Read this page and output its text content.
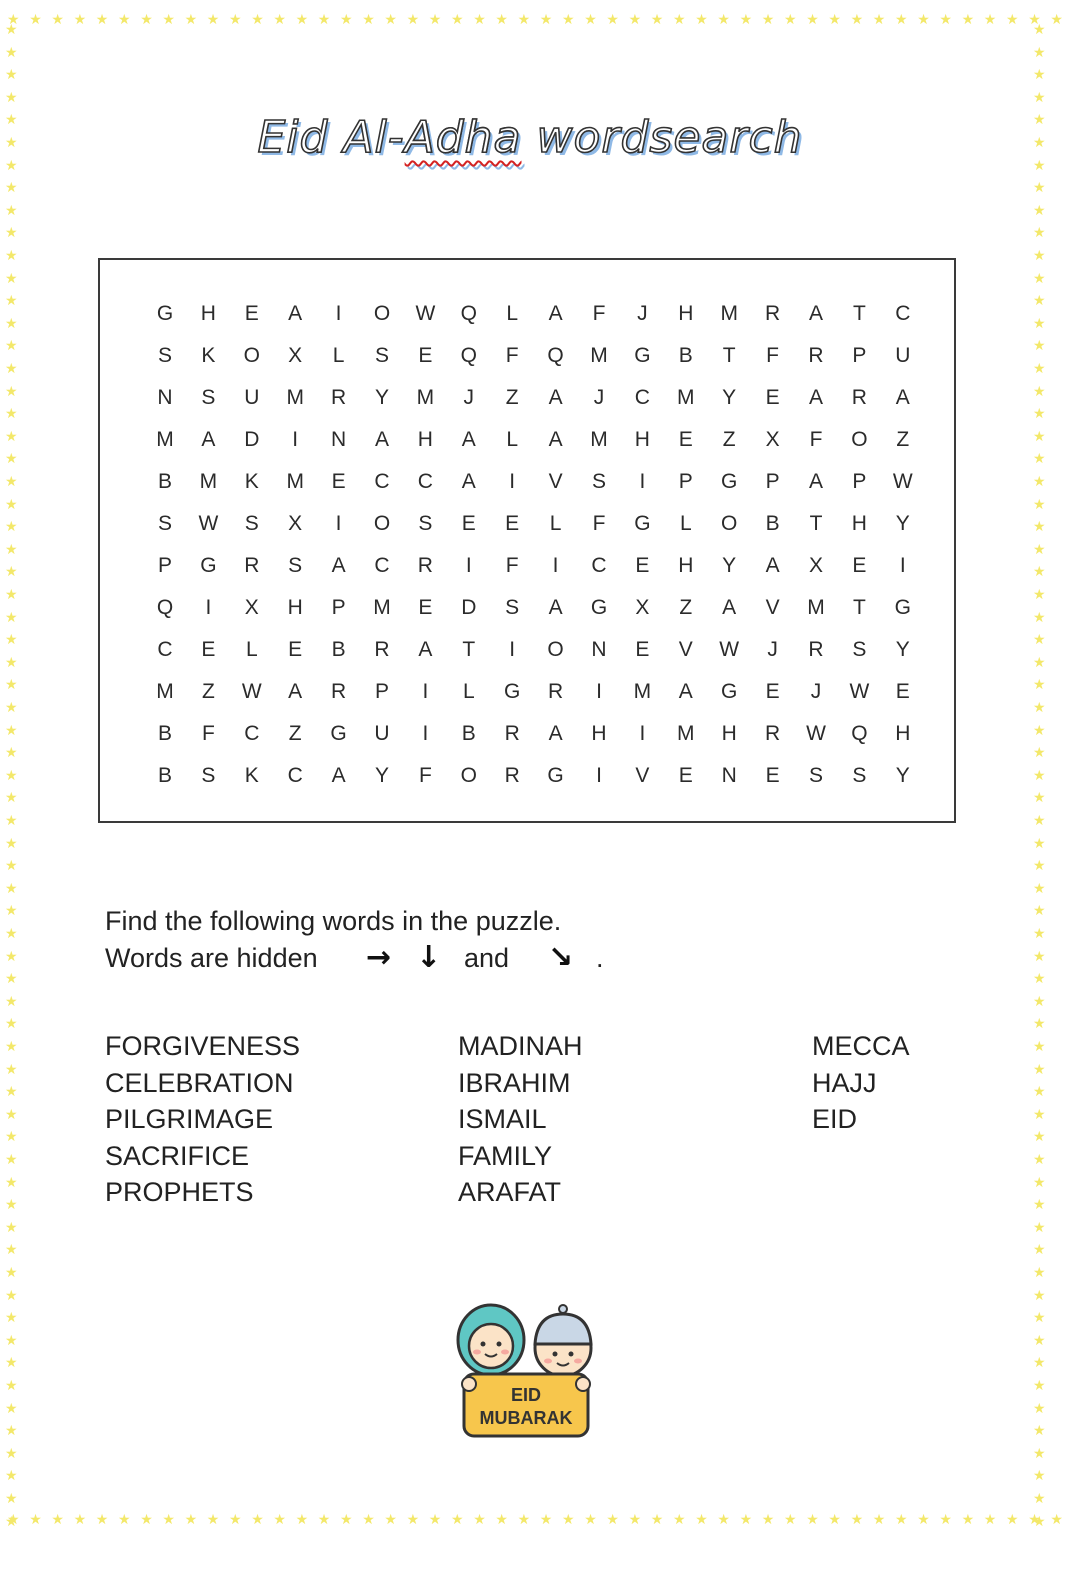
Eid Al-Adha wordsearch
G	H	E	A	I	O	W	Q	L	A	F	J	H	M	R	A	T	C
S	K	O	X	L	S	E	Q	F	Q	M	G	B	T	F	R	P	U
N	S	U	M	R	Y	M	J	Z	A	J	C	M	Y	E	A	R	A
M	A	D	I	N	A	H	A	L	A	M	H	E	Z	X	F	O	Z
B	M	K	M	E	C	C	A	I	V	S	I	P	G	P	A	P	W
S	W	S	X	I	O	S	E	E	L	F	G	L	O	B	T	H	Y
P	G	R	S	A	C	R	I	F	I	C	E	H	Y	A	X	E	I
Q	I	X	H	P	M	E	D	S	A	G	X	Z	A	V	M	T	G
C	E	L	E	B	R	A	T	I	O	N	E	V	W	J	R	S	Y
M	Z	W	A	R	P	I	L	G	R	I	M	A	G	E	J	W	E
B	F	C	Z	G	U	I	B	R	A	H	I	M	H	R	W	Q	H
B	S	K	C	A	Y	F	O	R	G	I	V	E	N	E	S	S	Y
Find the following words in the puzzle.
Words are hidden → ↓ and ↘ .
FORGIVENESS
CELEBRATION
PILGRIMAGE
SACRIFICE
PROPHETS
MADINAH
IBRAHIM
ISMAIL
FAMILY
ARAFAT
MECCA
HAJJ
EID
EID
MUBARAK
